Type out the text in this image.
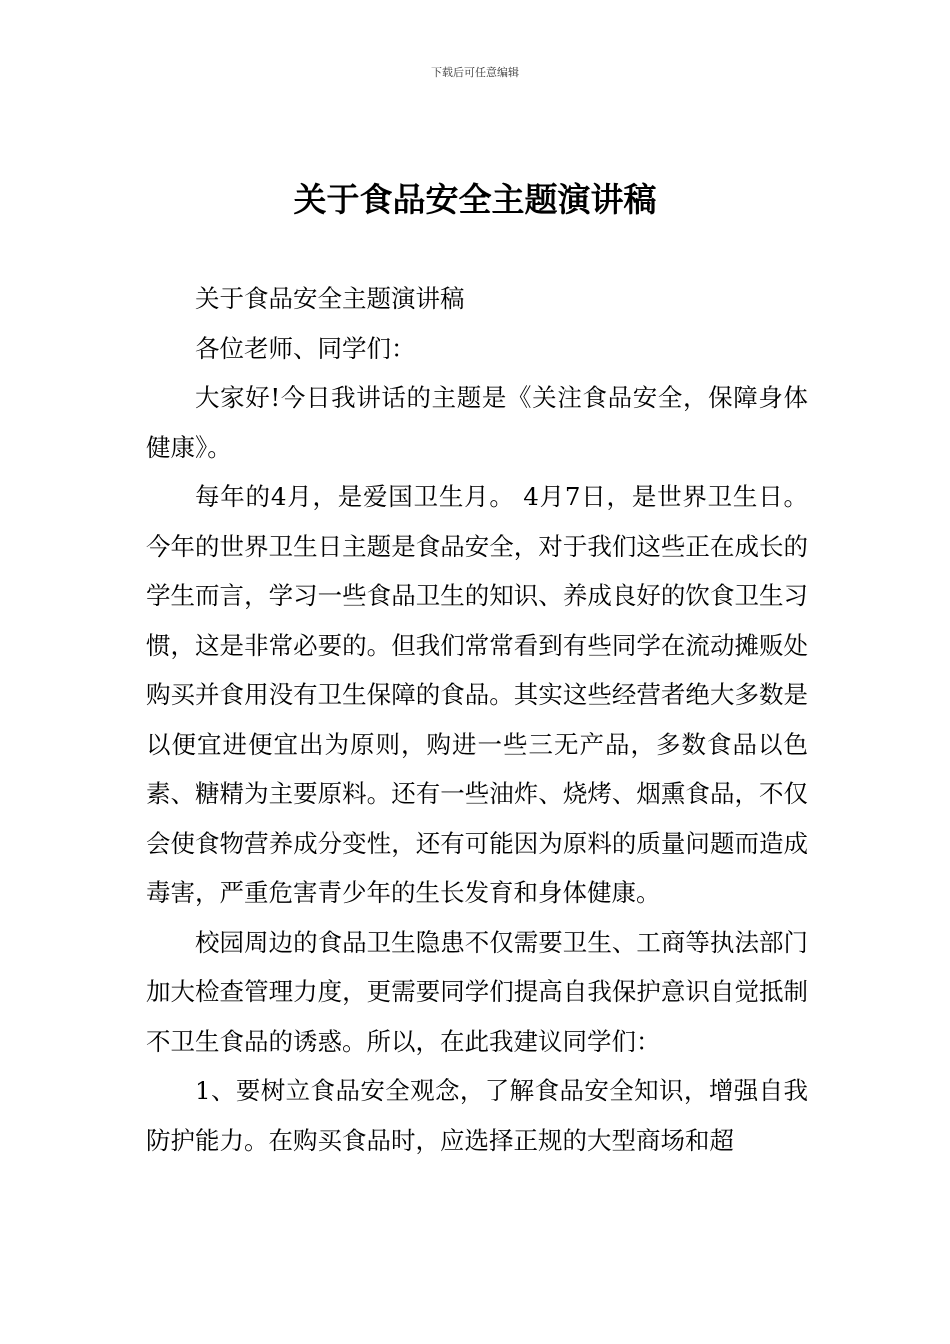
下载后可任意编辑
关于食品安全主题演讲稿

关于食品安全主题演讲稿

各位老师、同学们：

大家好!今日我讲话的主题是《关注食品安全，保障身体健康》。

每年的4月，是爱国卫生月。 4月7日，是世界卫生日。今年的世界卫生日主题是食品安全，对于我们这些正在成长的学生而言，学习一些食品卫生的知识、养成良好的饮食卫生习惯，这是非常必要的。但我们常常看到有些同学在流动摊贩处购买并食用没有卫生保障的食品。其实这些经营者绝大多数是以便宜进便宜出为原则，购进一些三无产品，多数食品以色素、糖精为主要原料。还有一些油炸、烧烤、烟熏食品，不仅会使食物营养成分变性，还有可能因为原料的质量问题而造成毒害，严重危害青少年的生长发育和身体健康。

校园周边的食品卫生隐患不仅需要卫生、工商等执法部门加大检查管理力度，更需要同学们提高自我保护意识自觉抵制不卫生食品的诱惑。所以，在此我建议同学们：

1、要树立食品安全观念，了解食品安全知识，增强自我防护能力。在购买食品时，应选择正规的大型商场和超
